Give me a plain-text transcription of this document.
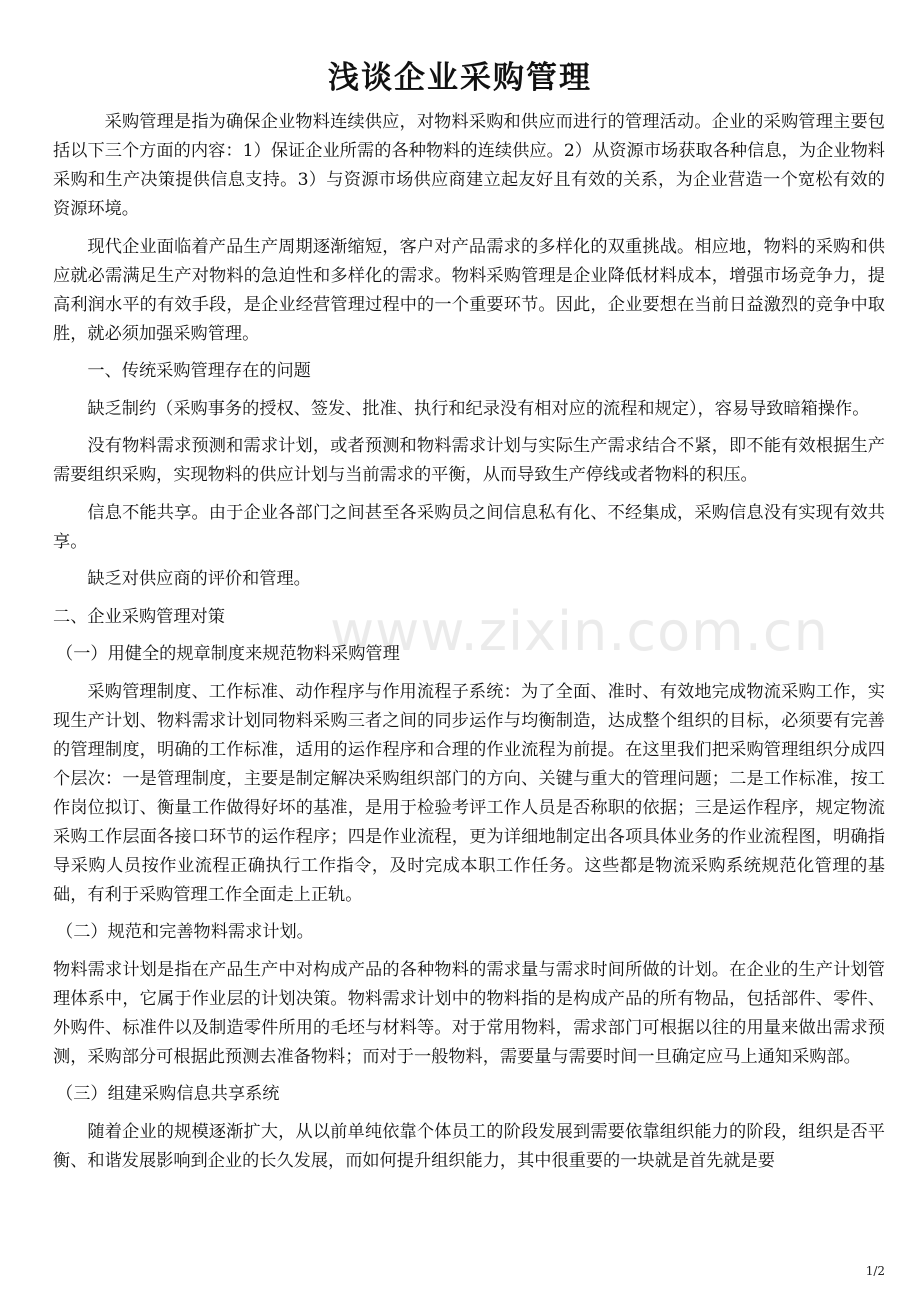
浅谈企业采购管理

采购管理是指为确保企业物料连续供应，对物料采购和供应而进行的管理活动。企业的采购管理主要包括以下三个方面的内容：1）保证企业所需的各种物料的连续供应。2）从资源市场获取各种信息，为企业物料采购和生产决策提供信息支持。3）与资源市场供应商建立起友好且有效的关系，为企业营造一个宽松有效的资源环境。

现代企业面临着产品生产周期逐渐缩短，客户对产品需求的多样化的双重挑战。相应地，物料的采购和供应就必需满足生产对物料的急迫性和多样化的需求。物料采购管理是企业降低材料成本，增强市场竞争力，提高利润水平的有效手段，是企业经营管理过程中的一个重要环节。因此，企业要想在当前日益激烈的竞争中取胜，就必须加强采购管理。

一、传统采购管理存在的问题

缺乏制约（采购事务的授权、签发、批准、执行和纪录没有相对应的流程和规定），容易导致暗箱操作。

没有物料需求预测和需求计划，或者预测和物料需求计划与实际生产需求结合不紧，即不能有效根据生产需要组织采购，实现物料的供应计划与当前需求的平衡，从而导致生产停线或者物料的积压。

信息不能共享。由于企业各部门之间甚至各采购员之间信息私有化、不经集成，采购信息没有实现有效共享。

缺乏对供应商的评价和管理。

二、企业采购管理对策

（一）用健全的规章制度来规范物料采购管理

采购管理制度、工作标准、动作程序与作用流程子系统：为了全面、准时、有效地完成物流采购工作，实现生产计划、物料需求计划同物料采购三者之间的同步运作与均衡制造，达成整个组织的目标，必须要有完善的管理制度，明确的工作标准，适用的运作程序和合理的作业流程为前提。在这里我们把采购管理组织分成四个层次：一是管理制度，主要是制定解决采购组织部门的方向、关键与重大的管理问题；二是工作标准，按工作岗位拟订、衡量工作做得好坏的基准，是用于检验考评工作人员是否称职的依据；三是运作程序，规定物流采购工作层面各接口环节的运作程序；四是作业流程，更为详细地制定出各项具体业务的作业流程图，明确指导采购人员按作业流程正确执行工作指令，及时完成本职工作任务。这些都是物流采购系统规范化管理的基础，有利于采购管理工作全面走上正轨。

（二）规范和完善物料需求计划。

物料需求计划是指在产品生产中对构成产品的各种物料的需求量与需求时间所做的计划。在企业的生产计划管理体系中，它属于作业层的计划决策。物料需求计划中的物料指的是构成产品的所有物品，包括部件、零件、外购件、标准件以及制造零件所用的毛坯与材料等。对于常用物料，需求部门可根据以往的用量来做出需求预测，采购部分可根据此预测去准备物料；而对于一般物料，需要量与需要时间一旦确定应马上通知采购部。

（三）组建采购信息共享系统

随着企业的规模逐渐扩大，从以前单纯依靠个体员工的阶段发展到需要依靠组织能力的阶段，组织是否平衡、和谐发展影响到企业的长久发展，而如何提升组织能力，其中很重要的一块就是首先就是要

www.zixin.com.cn
1/2
